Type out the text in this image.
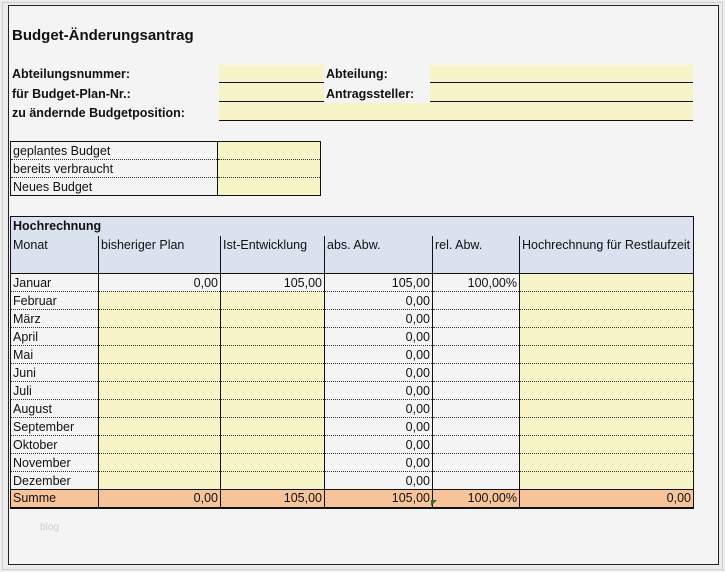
Budget-Änderungsantrag
Abteilungsnummer:	Abteilung:
für Budget-Plan-Nr.:	Antragssteller:
zu ändernde Budgetposition:
geplantes Budget	
bereits verbraucht	
Neues Budget	
Hochrechnung					
Monat	bisheriger Plan	Ist-Entwicklung	abs. Abw.	rel. Abw.	Hochrechnung für Restlaufzeit
Januar	0,00	105,00	105,00	100,00%	
Februar			0,00		
März			0,00		
April			0,00		
Mai			0,00		
Juni			0,00		
Juli			0,00		
August			0,00		
September			0,00		
Oktober			0,00		
November			0,00		
Dezember			0,00		
Summe	0,00	105,00	105,00	100,00%	0,00
blog
